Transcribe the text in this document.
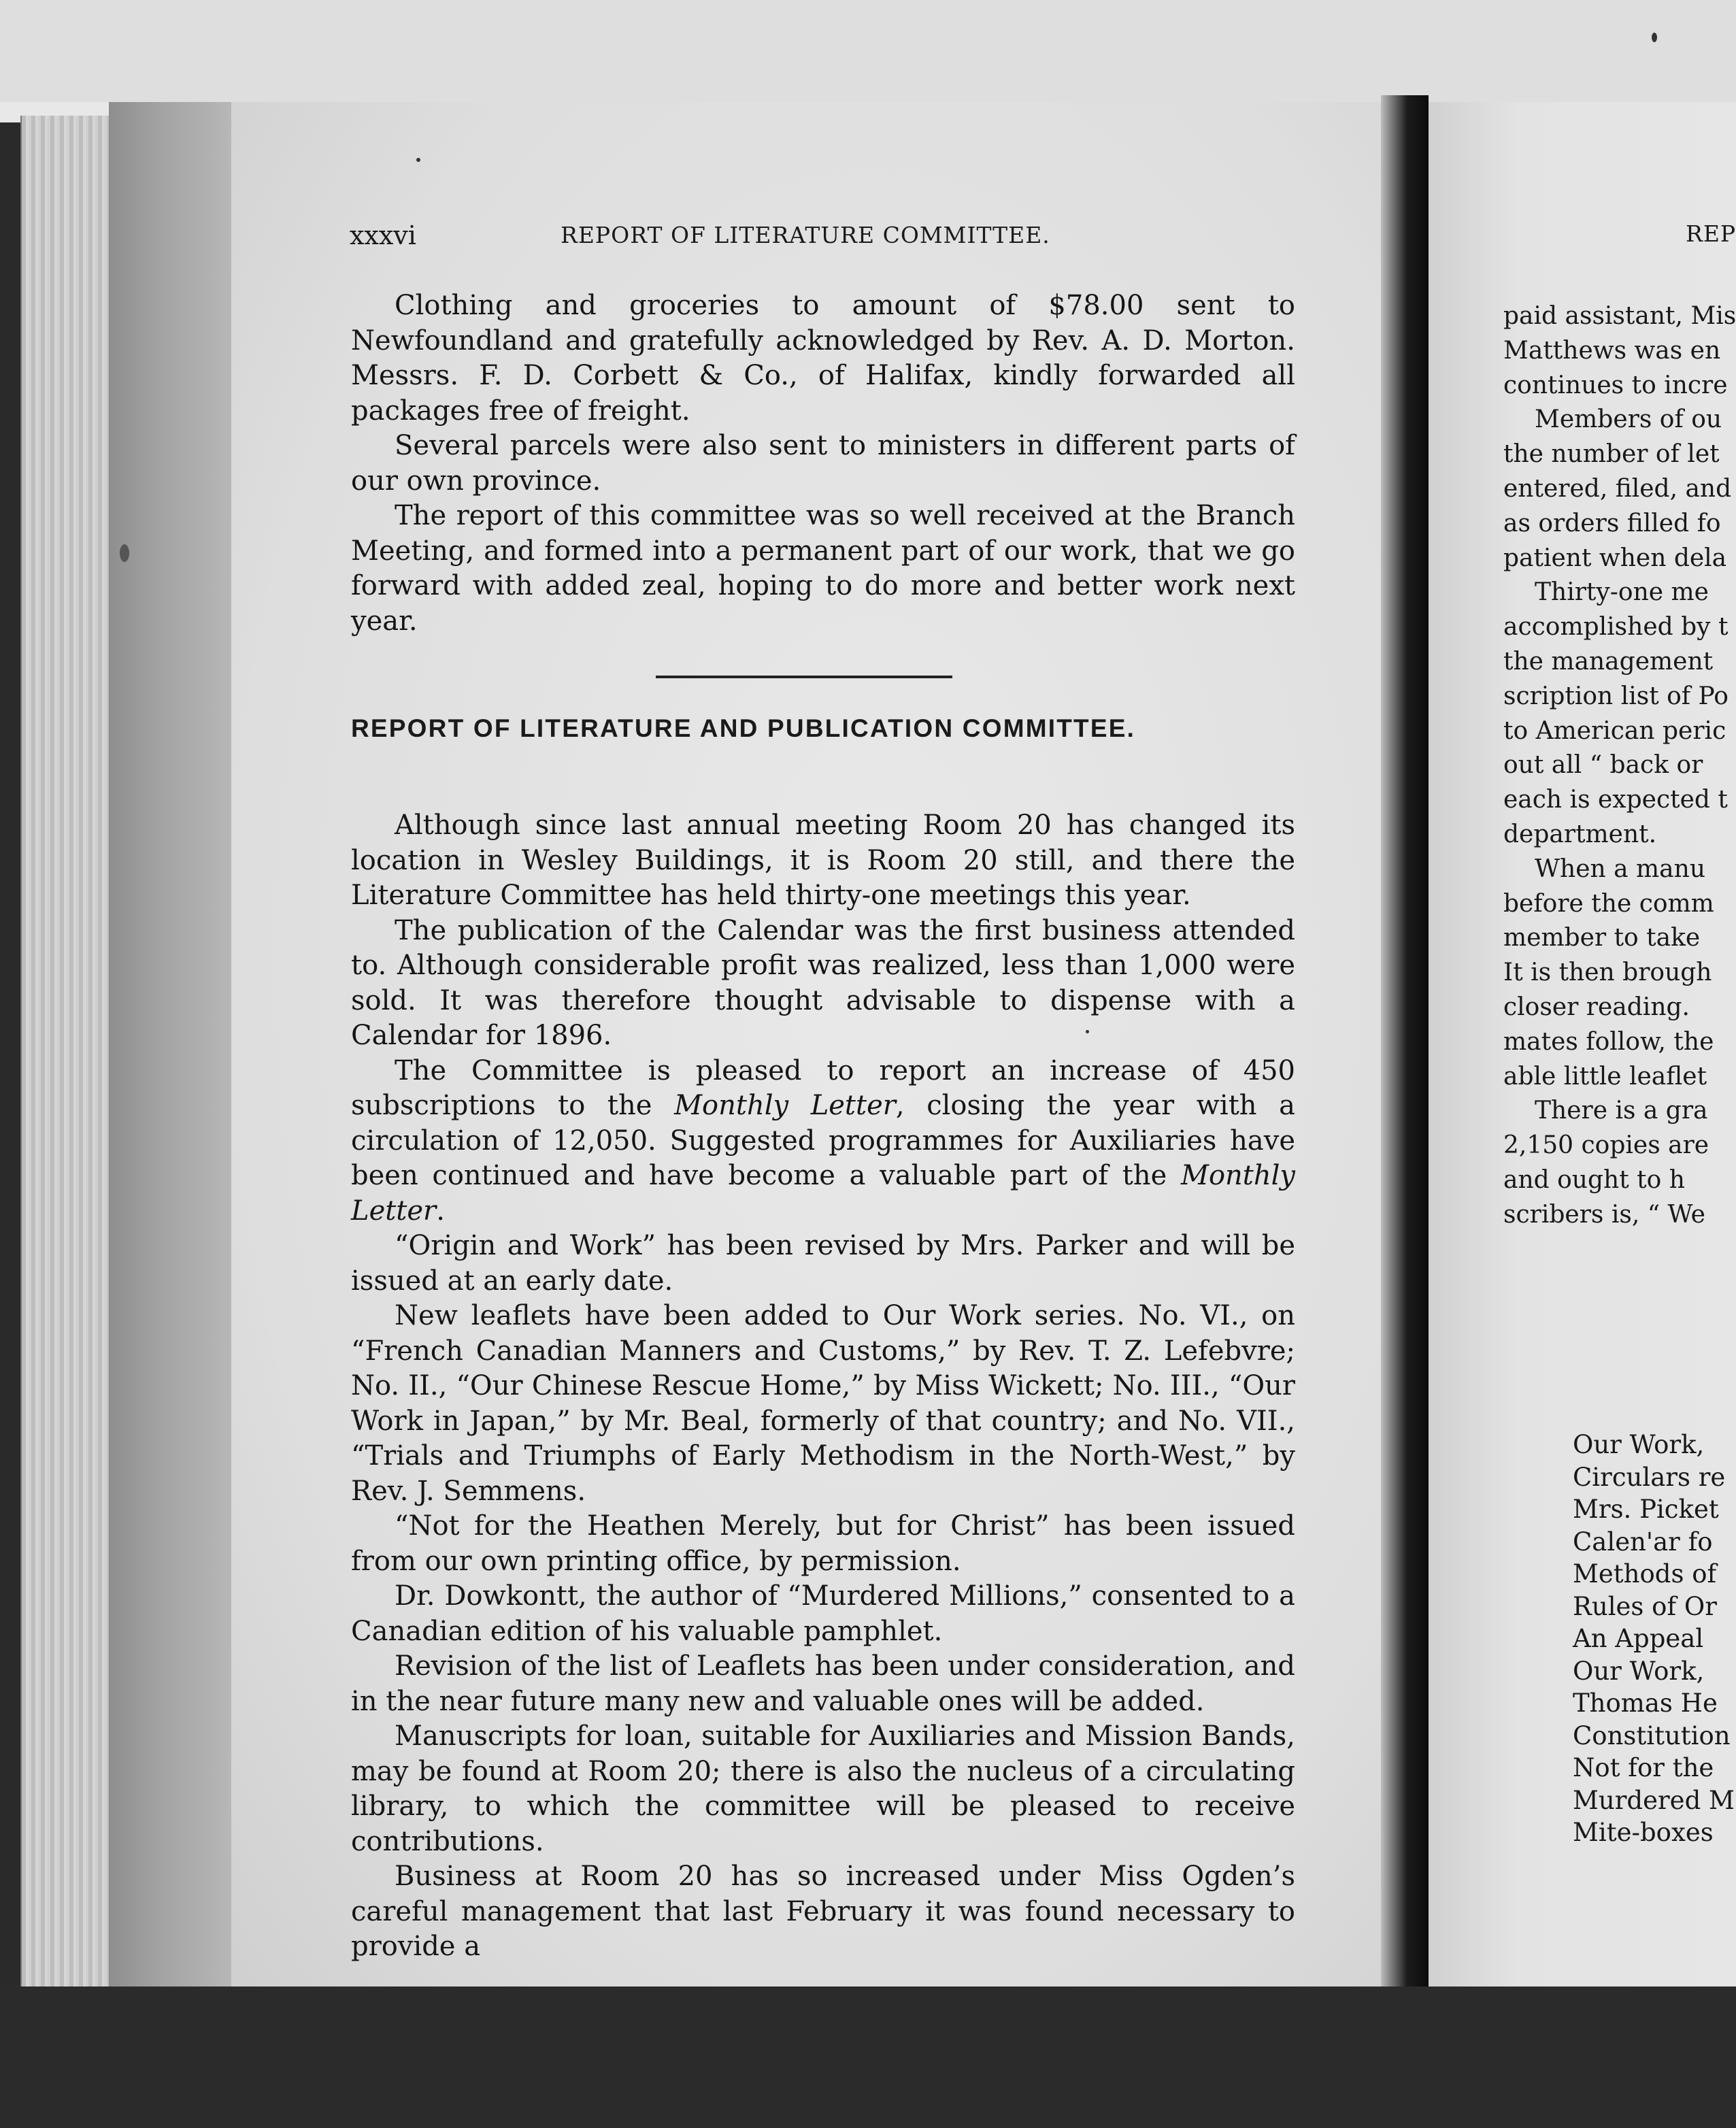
xxxvi	REPORT OF LITERATURE COMMITTEE.

Clothing and groceries to amount of $78.00 sent to Newfoundland and gratefully acknowledged by Rev. A. D. Morton. Messrs. F. D. Corbett & Co., of Halifax, kindly forwarded all packages free of freight.

Several parcels were also sent to ministers in different parts of our own province.

The report of this committee was so well received at the Branch Meeting, and formed into a permanent part of our work, that we go forward with added zeal, hoping to do more and better work next year.

REPORT OF LITERATURE AND PUBLICATION COMMITTEE.

Although since last annual meeting Room 20 has changed its location in Wesley Buildings, it is Room 20 still, and there the Literature Committee has held thirty-one meetings this year.

The publication of the Calendar was the first business attended to. Although considerable profit was realized, less than 1,000 were sold. It was therefore thought advisable to dispense with a Calendar for 1896.

The Committee is pleased to report an increase of 450 subscriptions to the Monthly Letter, closing the year with a circulation of 12,050. Suggested programmes for Auxiliaries have been continued and have become a valuable part of the Monthly Letter.

“Origin and Work” has been revised by Mrs. Parker and will be issued at an early date.

New leaflets have been added to Our Work series. No. VI., on “French Canadian Manners and Customs,” by Rev. T. Z. Lefebvre; No. II., “Our Chinese Rescue Home,” by Miss Wickett; No. III., “Our Work in Japan,” by Mr. Beal, formerly of that country; and No. VII., “Trials and Triumphs of Early Methodism in the North-West,” by Rev. J. Semmens.

“Not for the Heathen Merely, but for Christ” has been issued from our own printing office, by permission.

Dr. Dowkontt, the author of “Murdered Millions,” consented to a Canadian edition of his valuable pamphlet.

Revision of the list of Leaflets has been under consideration, and in the near future many new and valuable ones will be added.

Manuscripts for loan, suitable for Auxiliaries and Mission Bands, may be found at Room 20; there is also the nucleus of a circulating library, to which the committee will be pleased to receive contributions.

Business at Room 20 has so increased under Miss Ogden’s careful management that last February it was found necessary to provide a

REP
paid assistant, Mis
Matthews was en
continues to incre
Members of ou
the number of let
entered, filed, and
as orders filled fo
patient when dela
Thirty-one me
accomplished by t
the management
scription list of Po
to American peric
out all “ back or
each is expected t
department.
When a manu
before the comm
member to take
It is then brough
closer reading.
mates follow, the
able little leaflet
There is a gra
2,150 copies are
and ought to h
scribers is, “ We
Our Work,
Circulars re
Mrs. Picket
Calen'ar fo
Methods of
Rules of Or
An Appeal
Our Work,
Thomas He
Constitution
Not for the
Murdered M
Mite-boxes
